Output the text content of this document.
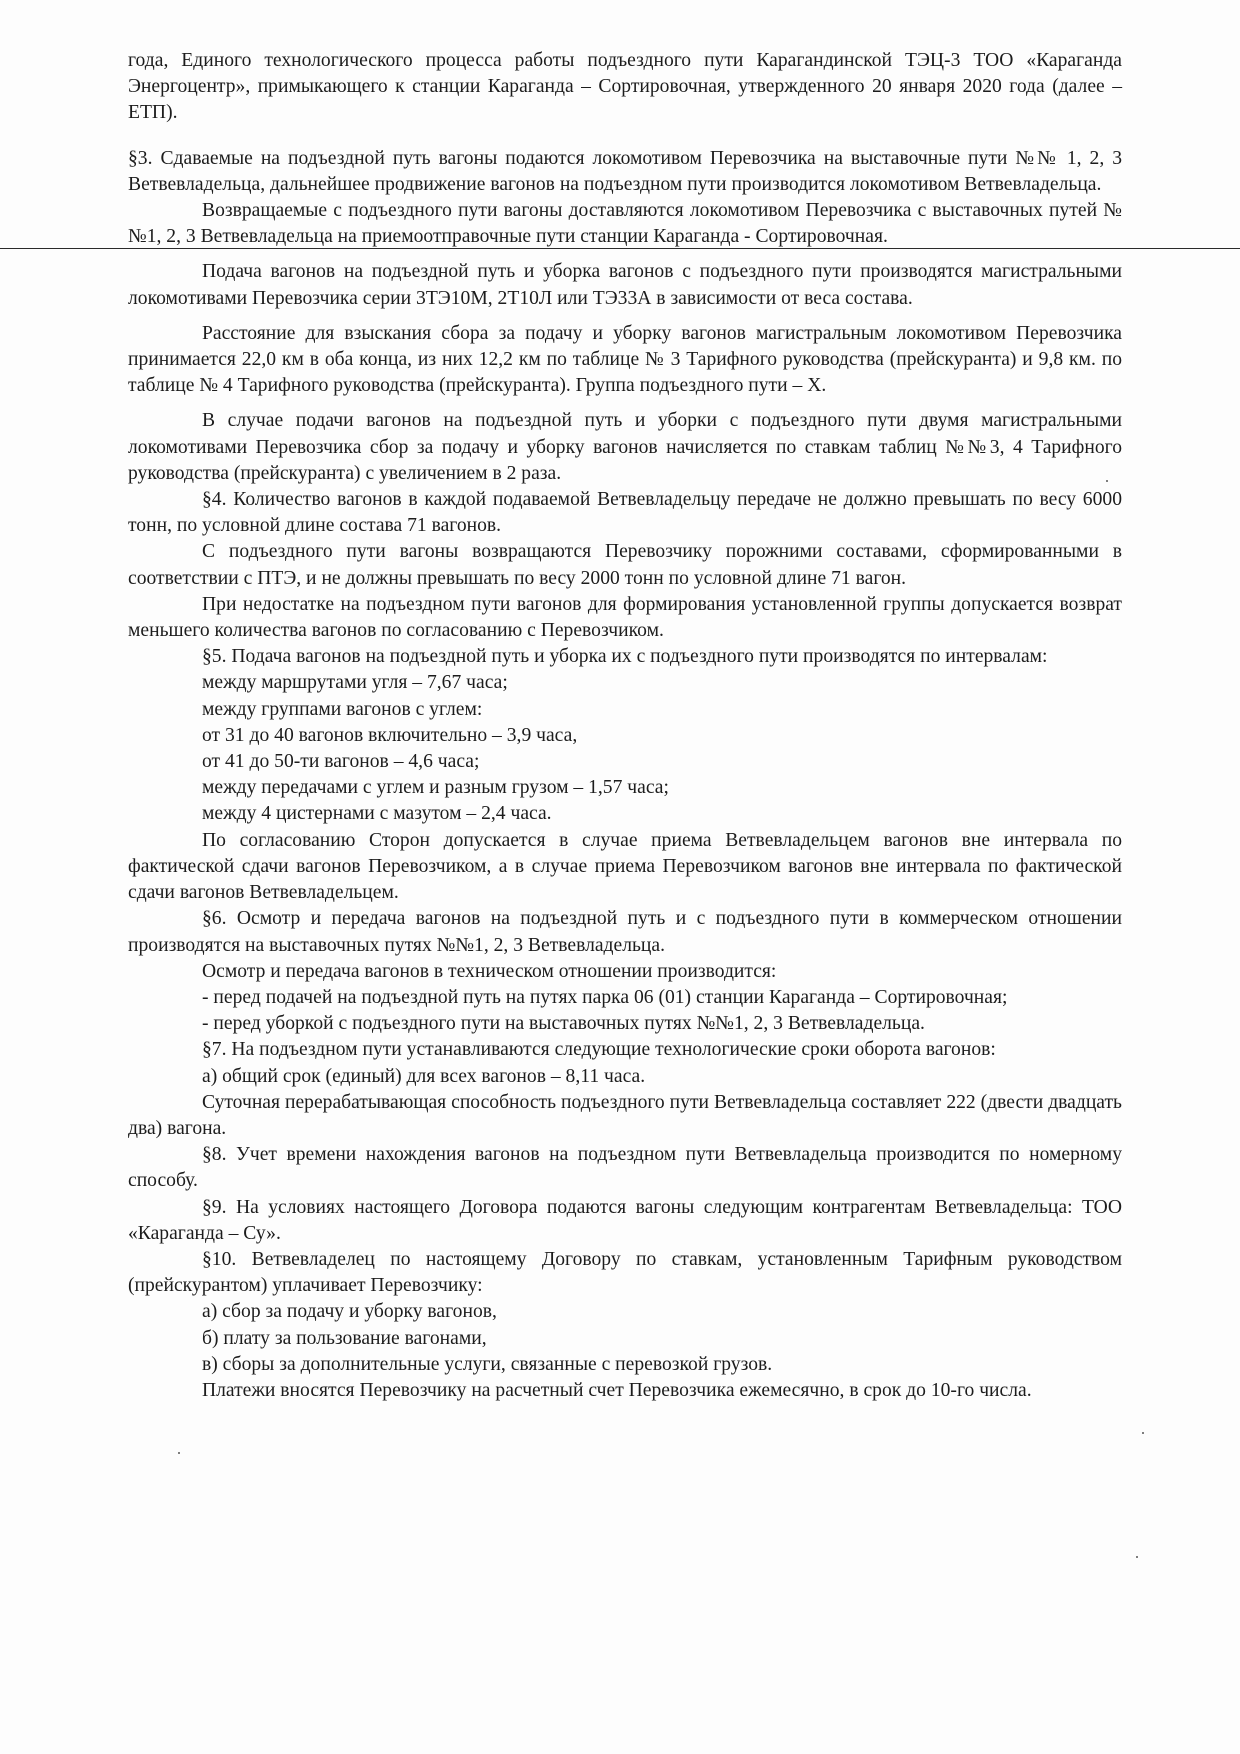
года, Единого технологического процесса работы подъездного пути Карагандинской ТЭЦ-3 ТОО «Караганда Энергоцентр», примыкающего к станции Караганда – Сортировочная, утвержденного 20 января 2020 года (далее – ЕТП).

§3. Сдаваемые на подъездной путь вагоны подаются локомотивом Перевозчика на выставочные пути №№ 1, 2, 3 Ветвевладельца, дальнейшее продвижение вагонов на подъездном пути производится локомотивом Ветвевладельца.

Возвращаемые с подъездного пути вагоны доставляются локомотивом Перевозчика с выставочных путей №№1, 2, 3 Ветвевладельца на приемоотправочные пути станции Караганда - Сортировочная.

Подача вагонов на подъездной путь и уборка вагонов с подъездного пути производятся магистральными локомотивами Перевозчика серии 3ТЭ10М, 2Т10Л или ТЭ33А в зависимости от веса состава.

Расстояние для взыскания сбора за подачу и уборку вагонов магистральным локомотивом Перевозчика принимается 22,0 км в оба конца, из них 12,2 км по таблице № 3 Тарифного руководства (прейскуранта) и 9,8 км. по таблице № 4 Тарифного руководства (прейскуранта). Группа подъездного пути – Х.

В случае подачи вагонов на подъездной путь и уборки с подъездного пути двумя магистральными локомотивами Перевозчика сбор за подачу и уборку вагонов начисляется по ставкам таблиц №№3, 4 Тарифного руководства (прейскуранта) с увеличением в 2 раза.

§4. Количество вагонов в каждой подаваемой Ветвевладельцу передаче не должно превышать по весу 6000 тонн, по условной длине состава 71 вагонов.

С подъездного пути вагоны возвращаются Перевозчику порожними составами, сформированными в соответствии с ПТЭ, и не должны превышать по весу 2000 тонн по условной длине 71 вагон.

При недостатке на подъездном пути вагонов для формирования установленной группы допускается возврат меньшего количества вагонов по согласованию с Перевозчиком.

§5. Подача вагонов на подъездной путь и уборка их с подъездного пути производятся по интервалам:

между маршрутами угля – 7,67 часа;

между группами вагонов с углем:

от 31 до 40 вагонов включительно – 3,9 часа,

от 41 до 50-ти вагонов – 4,6 часа;

между передачами с углем и разным грузом – 1,57 часа;

между 4 цистернами с мазутом – 2,4 часа.

По согласованию Сторон допускается в случае приема Ветвевладельцем вагонов вне интервала по фактической сдачи вагонов Перевозчиком, а в случае приема Перевозчиком вагонов вне интервала по фактической сдачи вагонов Ветвевладельцем.

§6. Осмотр и передача вагонов на подъездной путь и с подъездного пути в коммерческом отношении производятся на выставочных путях №№1, 2, 3 Ветвевладельца.

Осмотр и передача вагонов в техническом отношении производится:

- перед подачей на подъездной путь на путях парка 06 (01) станции Караганда – Сортировочная;

- перед уборкой с подъездного пути на выставочных путях №№1, 2, 3 Ветвевладельца.

§7. На подъездном пути устанавливаются следующие технологические сроки оборота вагонов:

а) общий срок (единый) для всех вагонов – 8,11 часа.

Суточная перерабатывающая способность подъездного пути Ветвевладельца составляет 222 (двести двадцать два) вагона.

§8. Учет времени нахождения вагонов на подъездном пути Ветвевладельца производится по номерному способу.

§9. На условиях настоящего Договора подаются вагоны следующим контрагентам Ветвевладельца: ТОО «Караганда – Су».

§10. Ветвевладелец по настоящему Договору по ставкам, установленным Тарифным руководством (прейскурантом) уплачивает Перевозчику:

а) сбор за подачу и уборку вагонов,

б) плату за пользование вагонами,

в) сборы за дополнительные услуги, связанные с перевозкой грузов.

Платежи вносятся Перевозчику на расчетный счет Перевозчика ежемесячно, в срок до 10-го числа.
